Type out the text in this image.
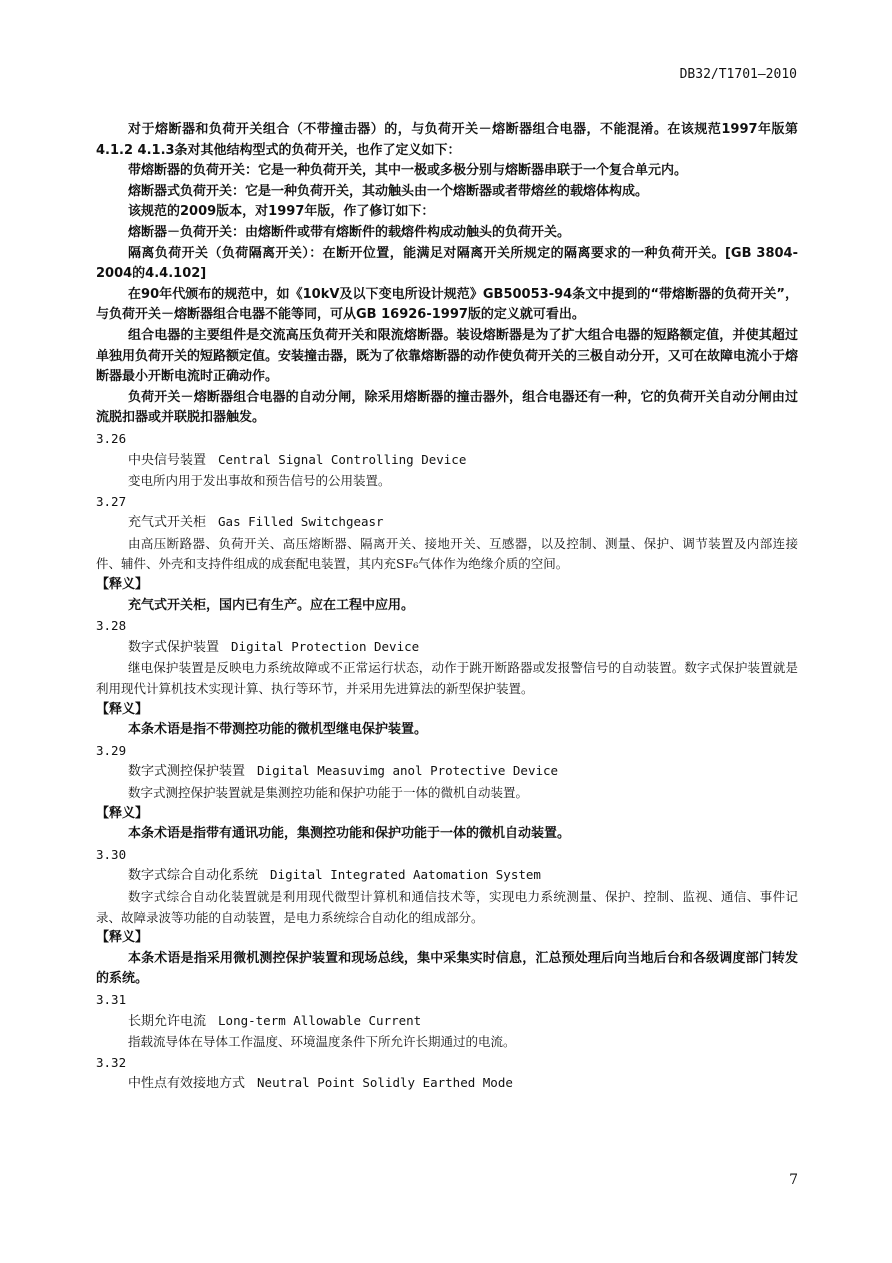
DB32/T1701—2010
对于熔断器和负荷开关组合（不带撞击器）的，与负荷开关－熔断器组合电器，不能混淆。在该规范1997年版第4.1.2 4.1.3条对其他结构型式的负荷开关，也作了定义如下：
带熔断器的负荷开关：它是一种负荷开关，其中一极或多极分别与熔断器串联于一个复合单元内。
熔断器式负荷开关：它是一种负荷开关，其动触头由一个熔断器或者带熔丝的载熔体构成。
该规范的2009版本，对1997年版，作了修订如下：
熔断器－负荷开关：由熔断件或带有熔断件的载熔件构成动触头的负荷开关。
隔离负荷开关（负荷隔离开关）：在断开位置，能满足对隔离开关所规定的隔离要求的一种负荷开关。[GB 3804-2004的4.4.102]
在90年代颁布的规范中，如《10kV及以下变电所设计规范》GB50053-94条文中提到的“带熔断器的负荷开关”，与负荷开关－熔断器组合电器不能等同，可从GB 16926-1997版的定义就可看出。
组合电器的主要组件是交流高压负荷开关和限流熔断器。装设熔断器是为了扩大组合电器的短路额定值，并使其超过单独用负荷开关的短路额定值。安装撞击器，既为了依靠熔断器的动作使负荷开关的三极自动分开，又可在故障电流小于熔断器最小开断电流时正确动作。
负荷开关－熔断器组合电器的自动分闸，除采用熔断器的撞击器外，组合电器还有一种，它的负荷开关自动分闸由过流脱扣器或并联脱扣器触发。
3.26
中央信号装置 Central Signal Controlling Device
变电所内用于发出事故和预告信号的公用装置。
3.27
充气式开关柜 Gas Filled Switchgeasr
由高压断路器、负荷开关、高压熔断器、隔离开关、接地开关、互感器，以及控制、测量、保护、调节装置及内部连接件、辅件、外壳和支持件组成的成套配电装置，其内充SF₆气体作为绝缘介质的空间。
【释义】
充气式开关柜，国内已有生产。应在工程中应用。
3.28
数字式保护装置 Digital Protection Device
继电保护装置是反映电力系统故障或不正常运行状态，动作于跳开断路器或发报警信号的自动装置。数字式保护装置就是利用现代计算机技术实现计算、执行等环节，并采用先进算法的新型保护装置。
【释义】
本条术语是指不带测控功能的微机型继电保护装置。
3.29
数字式测控保护装置 Digital Measuvimg anol Protective Device
数字式测控保护装置就是集测控功能和保护功能于一体的微机自动装置。
【释义】
本条术语是指带有通讯功能，集测控功能和保护功能于一体的微机自动装置。
3.30
数字式综合自动化系统 Digital Integrated Aatomation System
数字式综合自动化装置就是利用现代微型计算机和通信技术等，实现电力系统测量、保护、控制、监视、通信、事件记录、故障录波等功能的自动装置，是电力系统综合自动化的组成部分。
【释义】
本条术语是指采用微机测控保护装置和现场总线，集中采集实时信息，汇总预处理后向当地后台和各级调度部门转发的系统。
3.31
长期允许电流 Long-term Allowable Current
指载流导体在导体工作温度、环境温度条件下所允许长期通过的电流。
3.32
中性点有效接地方式 Neutral Point Solidly Earthed Mode
7
